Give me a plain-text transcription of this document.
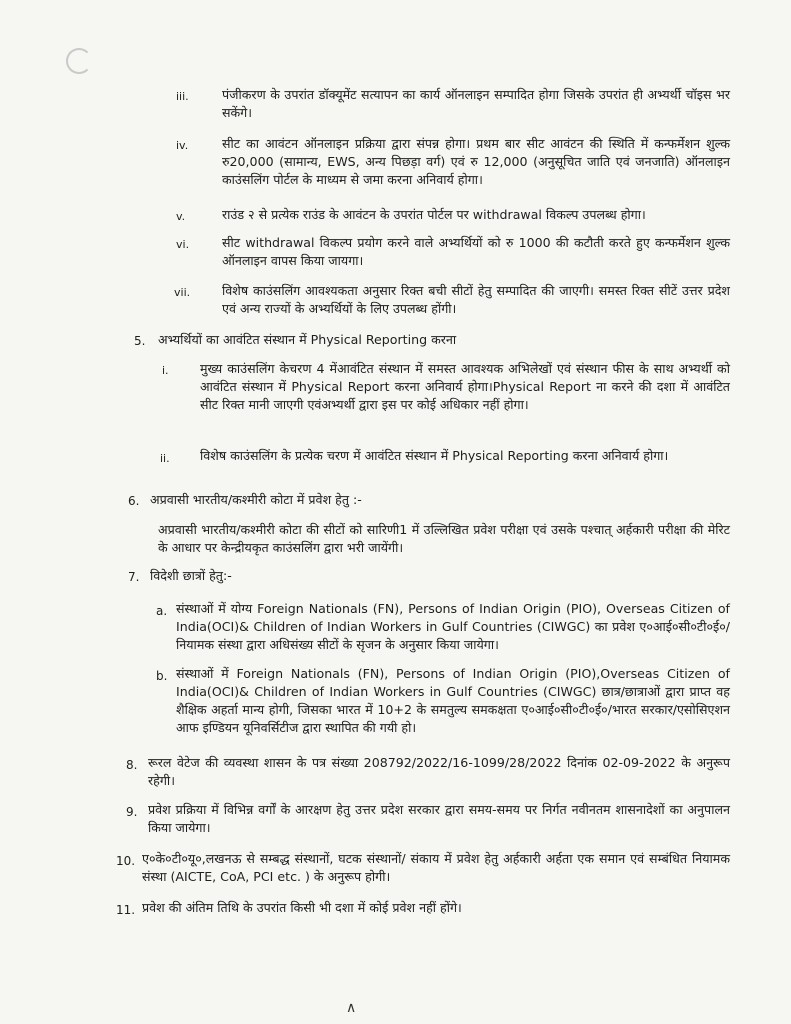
iii.	पंजीकरण के उपरांत डॉक्यूमेंट सत्यापन का कार्य ऑनलाइन सम्पादित होगा जिसके उपरांत ही अभ्यर्थी चॉइस भर सकेंगे।
iv.	सीट का आवंटन ऑनलाइन प्रक्रिया द्वारा संपन्न होगा। प्रथम बार सीट आवंटन की स्थिति में कन्फर्मेशन शुल्क रु20,000 (सामान्य, EWS, अन्य पिछड़ा वर्ग) एवं रु 12,000 (अनुसूचित जाति एवं जनजाति) ऑनलाइन काउंसलिंग पोर्टल के माध्यम से जमा करना अनिवार्य होगा।
v.	राउंड २ से प्रत्येक राउंड के आवंटन के उपरांत पोर्टल पर withdrawal विकल्प उपलब्ध होगा।
vi.	सीट withdrawal विकल्प प्रयोग करने वाले अभ्यर्थियों को रु 1000 की कटौती करते हुए कन्फर्मेशन शुल्क ऑनलाइन वापस किया जायगा।
vii.	विशेष काउंसलिंग आवश्यकता अनुसार रिक्त बची सीटों हेतु सम्पादित की जाएगी। समस्त रिक्त सीटें उत्तर प्रदेश एवं अन्य राज्यों के अभ्यर्थियों के लिए उपलब्ध होंगी।
5. अभ्यर्थियों का आवंटित संस्थान में Physical Reporting करना
i. मुख्य काउंसलिंग केचरण 4 मेंआवंटित संस्थान में समस्त आवश्यक अभिलेखों एवं संस्थान फीस के साथ अभ्यर्थी को आवंटित संस्थान में Physical Report करना अनिवार्य होगा।Physical Report ना करने की दशा में आवंटित सीट रिक्त मानी जाएगी एवंअभ्यर्थी द्वारा इस पर कोई अधिकार नहीं होगा।
ii. विशेष काउंसलिंग के प्रत्येक चरण में आवंटित संस्थान में Physical Reporting करना अनिवार्य होगा।
6. अप्रवासी भारतीय/कश्मीरी कोटा में प्रवेश हेतु :-
अप्रवासी भारतीय/कश्मीरी कोटा की सीटों को सारिणी1 में उल्लिखित प्रवेश परीक्षा एवं उसके पश्चात् अर्हकारी परीक्षा की मेरिट के आधार पर केन्द्रीयकृत काउंसलिंग द्वारा भरी जायेंगी।
7. विदेशी छात्रों हेतु:-
a. संस्थाओं में योग्य Foreign Nationals (FN), Persons of Indian Origin (PIO), Overseas Citizen of India(OCI)& Children of Indian Workers in Gulf Countries (CIWGC) का प्रवेश ए०आई०सी०टी०ई०/नियामक संस्था द्वारा अधिसंख्य सीटों के सृजन के अनुसार किया जायेगा।
b. संस्थाओं में Foreign Nationals (FN), Persons of Indian Origin (PIO),Overseas Citizen of India(OCI)& Children of Indian Workers in Gulf Countries (CIWGC) छात्र/छात्राओं द्वारा प्राप्त वह शैक्षिक अहर्ता मान्य होगी, जिसका भारत में 10+2 के समतुल्य समकक्षता ए०आई०सी०टी०ई०/भारत सरकार/एसोसिएशन आफ इण्डियन यूनिवर्सिटीज द्वारा स्थापित की गयी हो।
8. रूरल वेटेज की व्यवस्था शासन के पत्र संख्या 208792/2022/16-1099/28/2022 दिनांक 02-09-2022 के अनुरूप रहेगी।
9. प्रवेश प्रक्रिया में विभिन्न वर्गों के आरक्षण हेतु उत्तर प्रदेश सरकार द्वारा समय-समय पर निर्गत नवीनतम शासनादेशों का अनुपालन किया जायेगा।
10. ए०के०टी०यू०,लखनऊ से सम्बद्ध संस्थानों, घटक संस्थानों/ संकाय में प्रवेश हेतु अर्हकारी अर्हता एक समान एवं सम्बंधित नियामक संस्था (AICTE, CoA, PCI etc. ) के अनुरूप होगी।
11. प्रवेश की अंतिम तिथि के उपरांत किसी भी दशा में कोई प्रवेश नहीं होंगे।
∧
